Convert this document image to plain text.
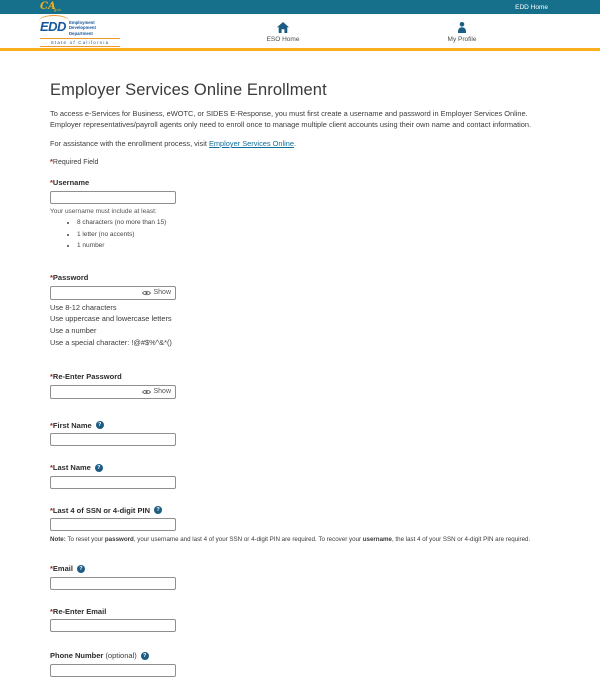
CA
gov	EDD Home
EDD Employment
Development
Department
State of California	ESO Home	My Profile
Employer Services Online Enrollment

To access e-Services for Business, eWOTC, or SIDES E-Response, you must first create a username and password in Employer Services Online. Employer representatives/payroll agents only need to enroll once to manage multiple client accounts using their own name and contact information.

For assistance with the enrollment process, visit Employer Services Online.

*Required Field
*Username
Your username must include at least:
• 8 characters (no more than 15)
• 1 letter (no accents)
• 1 number
*Password
Show
Use 8-12 characters
Use uppercase and lowercase letters
Use a number
Use a special character: !@#$%^&*()
*Re-Enter Password
Show
*First Name	?
*Last Name	?
*Last 4 of SSN or 4-digit PIN	?
Note: To reset your password, your username and last 4 of your SSN or 4-digit PIN are required. To recover your username, the last 4 of your SSN or 4-digit PIN are required.
*Email	?
*Re-Enter Email
Phone Number (optional)	?
